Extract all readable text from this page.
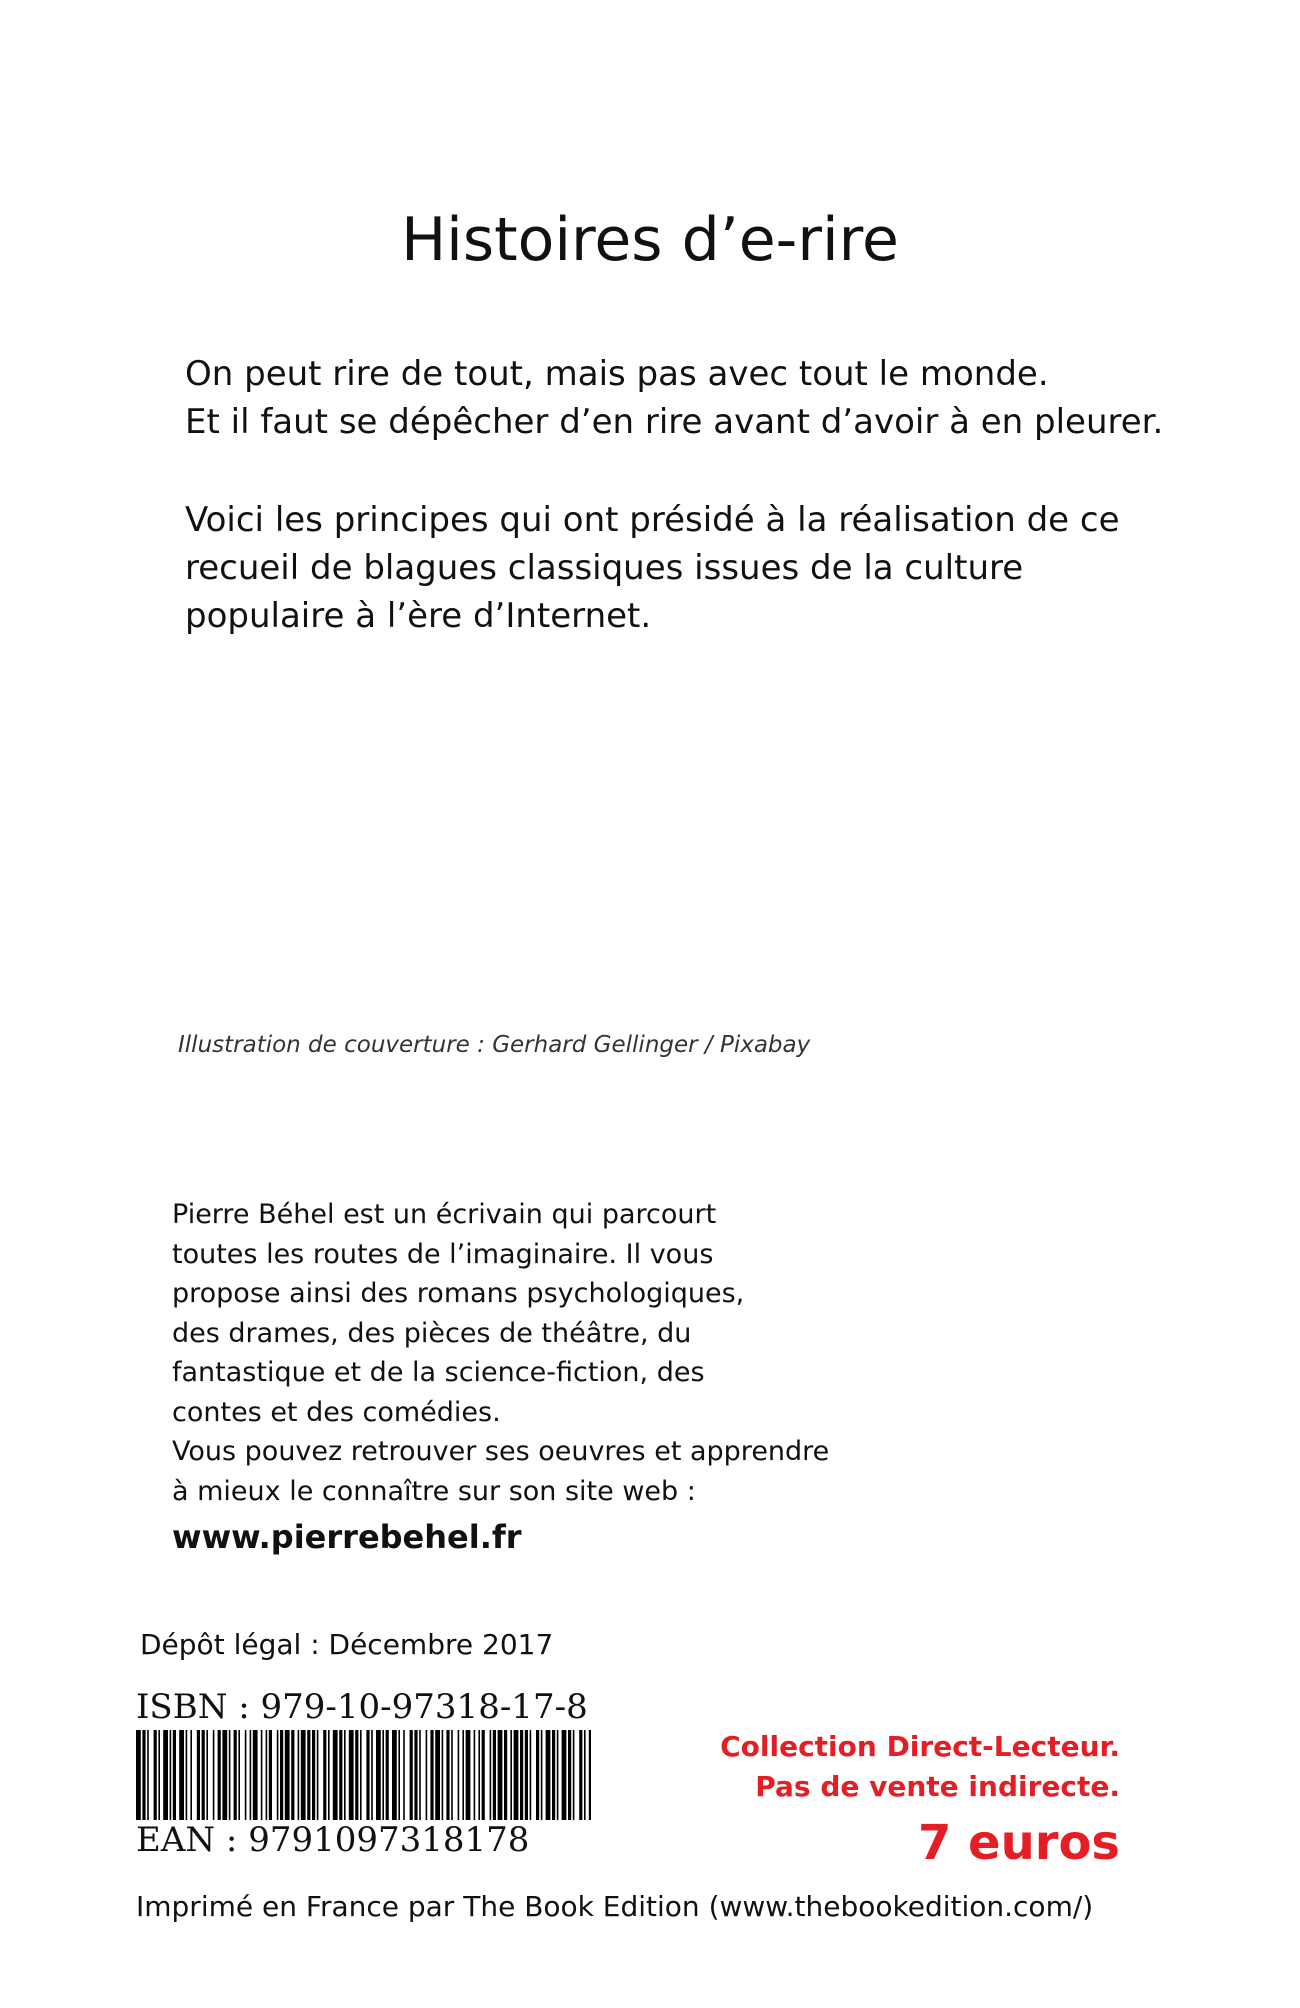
Histoires d’e-rire

On peut rire de tout, mais pas avec tout le monde.

Et il faut se dépêcher d’en rire avant d’avoir à en pleurer.

Voici les principes qui ont présidé à la réalisation de ce

recueil de blagues classiques issues de la culture

populaire à l’ère d’Internet.

Illustration de couverture : Gerhard Gellinger / Pixabay

Pierre Béhel est un écrivain qui parcourt

toutes les routes de l’imaginaire. Il vous

propose ainsi des romans psychologiques,

des drames, des pièces de théâtre, du

fantastique et de la science-fiction, des

contes et des comédies.

Vous pouvez retrouver ses oeuvres et apprendre

à mieux le connaître sur son site web :

www.pierrebehel.fr
Dépôt légal : Décembre 2017
ISBN : 979-10-97318-17-8
EAN : 9791097318178

Collection Direct-Lecteur.

Pas de vente indirecte.

7 euros
Imprimé en France par The Book Edition (www.thebookedition.com/)
